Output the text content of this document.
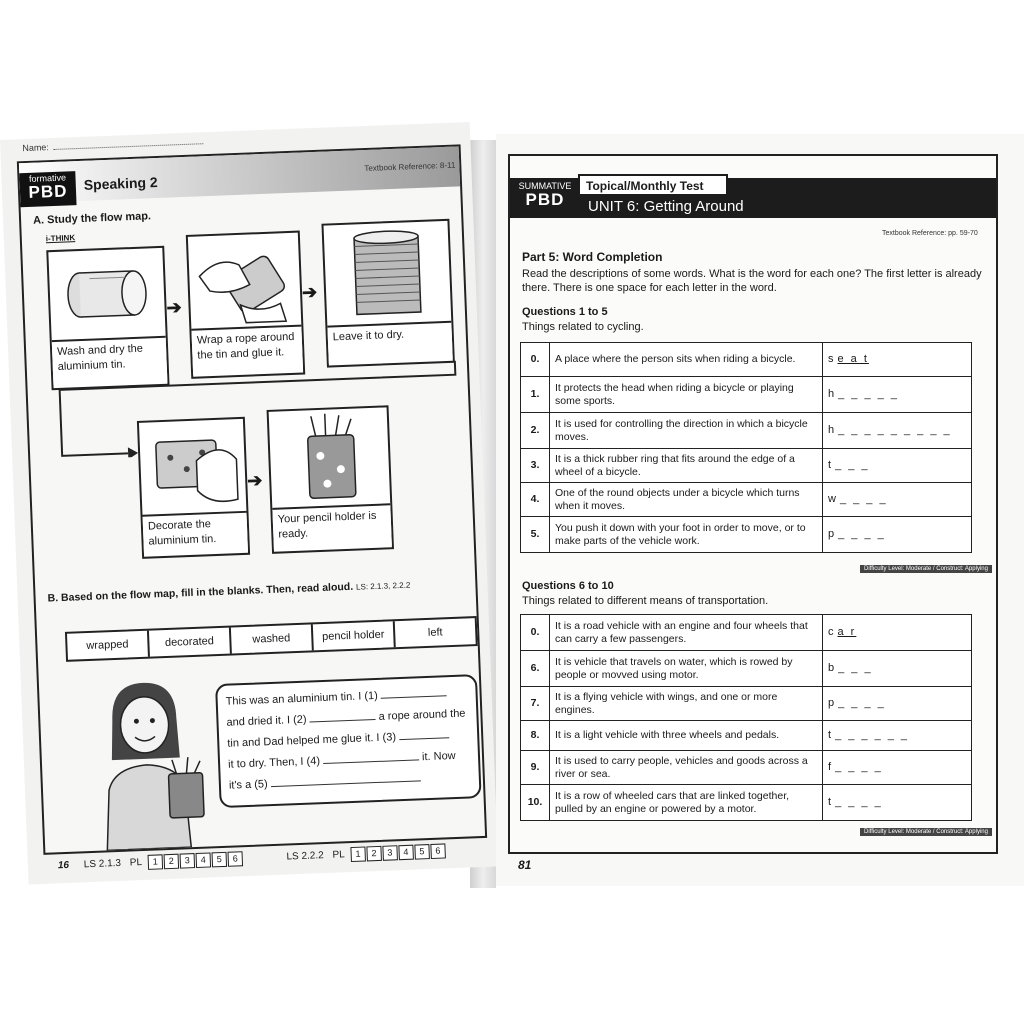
Name:
Textbook Reference: 8-11
formative
PBD	Speaking 2
A. Study the flow map.
i-THINK
Wash and dry the aluminium tin.
➔
Wrap a rope around the tin and glue it.
➔
Leave it to dry.
Decorate the aluminium tin.
➔
Your pencil holder is ready.
B. Based on the flow map, fill in the blanks. Then, read aloud. LS: 2.1.3, 2.2.2
wrapped	decorated	washed	pencil holder	left
This was an aluminium tin. I (1)
and dried it. I (2)	a rope around the
tin and Dad helped me glue it. I (3)
it to dry. Then, I (4)	it. Now
it's a (5)
16 LS 2.1.3 PL 1 2 3 4 5 6	LS 2.2.2 PL 1 2 3 4 5 6

SUMMATIVE
PBD
Topical/Monthly Test
UNIT 6: Getting Around
Textbook Reference: pp. 59-70
Part 5: Word Completion
Read the descriptions of some words. What is the word for each one? The first letter is already there. There is one space for each letter in the word.
Questions 1 to 5
Things related to cycling.
0.	A place where the person sits when riding a bicycle.	s e a t
1.	It protects the head when riding a bicycle or playing some sports.	h _ _ _ _ _
2.	It is used for controlling the direction in which a bicycle moves.	h _ _ _ _ _ _ _ _ _
3.	It is a thick rubber ring that fits around the edge of a wheel of a bicycle.	t _ _ _
4.	One of the round objects under a bicycle which turns when it moves.	w _ _ _ _
5.	You push it down with your foot in order to move, or to make parts of the vehicle work.	p _ _ _ _
Difficulty Level: Moderate / Construct: Applying
Questions 6 to 10
Things related to different means of transportation.
0.	It is a road vehicle with an engine and four wheels that can carry a few passengers.	c a r
6.	It is vehicle that travels on water, which is rowed by people or movved using motor.	b _ _ _
7.	It is a flying vehicle with wings, and one or more engines.	p _ _ _ _
8.	It is a light vehicle with three wheels and pedals.	t _ _ _ _ _ _
9.	It is used to carry people, vehicles and goods across a river or sea.	f _ _ _ _
10.	It is a row of wheeled cars that are linked together, pulled by an engine or powered by a motor.	t _ _ _ _
Difficulty Level: Moderate / Construct: Applying
81
